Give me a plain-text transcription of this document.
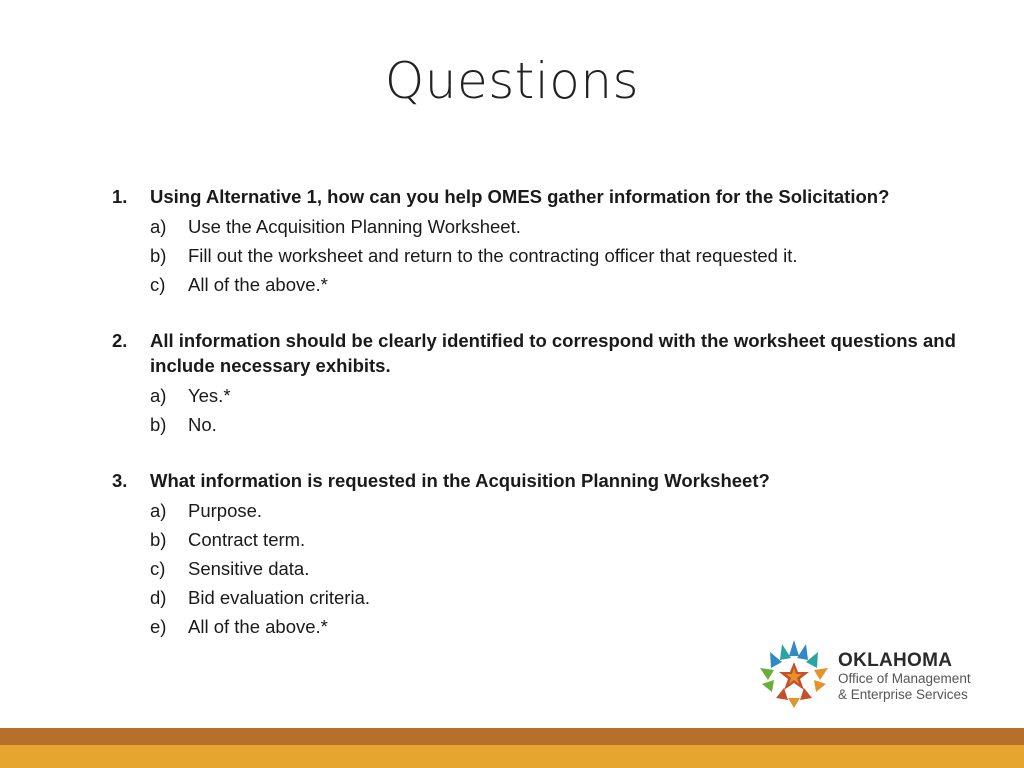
Questions
1.	Using Alternative 1, how can you help OMES gather information for the Solicitation?
a)	Use the Acquisition Planning Worksheet.
b)	Fill out the worksheet and return to the contracting officer that requested it.
c)	All of the above.*
2.	All information should be clearly identified to correspond with the worksheet questions and include necessary exhibits.
a)	Yes.*
b)	No.
3.	What information is requested in the Acquisition Planning Worksheet?
a)	Purpose.
b)	Contract term.
c)	Sensitive data.
d)	Bid evaluation criteria.
e)	All of the above.*
OKLAHOMA
Office of Management
& Enterprise Services
